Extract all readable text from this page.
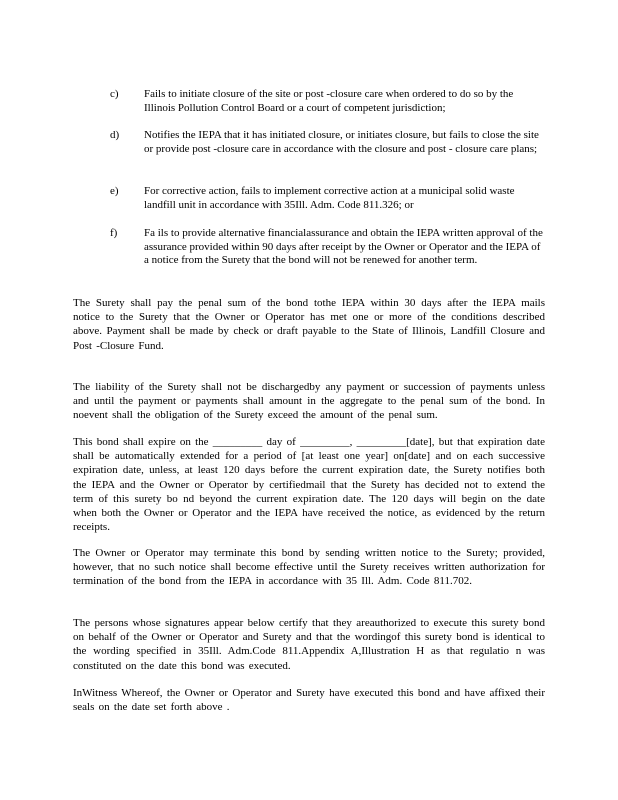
c) Fails to initiate closure of the site or post -closure care when ordered to do so by the Illinois Pollution Control Board or a court of competent jurisdiction;
d) Notifies the IEPA that it has initiated closure, or initiates closure, but fails to close the site or provide post -closure care in accordance with the closure and post - closure care plans;
e) For corrective action, fails to implement corrective action at a municipal solid waste landfill unit in accordance with 35Ill. Adm. Code 811.326; or
f) Fa ils to provide alternative financialassurance and obtain the IEPA written approval of the assurance provided within 90 days after receipt by the Owner or Operator and the IEPA of a notice from the Surety that the bond will not be renewed for another term.
The Surety shall pay the penal sum of the bond tothe IEPA within 30 days after the IEPA mails notice to the Surety that the Owner or Operator has met one or more of the conditions described above. Payment shall be made by check or draft payable to the State of Illinois, Landfill Closure and Post -Closure Fund.
The liability of the Surety shall not be dischargedby any payment or succession of payments unless and until the payment or payments shall amount in the aggregate to the penal sum of the bond. In noevent shall the obligation of the Surety exceed the amount of the penal sum.
This bond shall expire on the _________ day of _________, _________[date], but that expiration date shall be automatically extended for a period of [at least one year] on[date] and on each successive expiration date, unless, at least 120 days before the current expiration date, the Surety notifies both the IEPA and the Owner or Operator by certifiedmail that the Surety has decided not to extend the term of this surety bo nd beyond the current expiration date. The 120 days will begin on the date when both the Owner or Operator and the IEPA have received the notice, as evidenced by the return receipts.
The Owner or Operator may terminate this bond by sending written notice to the Surety; provided, however, that no such notice shall become effective until the Surety receives written authorization for termination of the bond from the IEPA in accordance with 35 Ill. Adm. Code 811.702.
The persons whose signatures appear below certify that they areauthorized to execute this surety bond on behalf of the Owner or Operator and Surety and that the wordingof this surety bond is identical to the wording specified in 35Ill. Adm.Code 811.Appendix A,Illustration H as that regulatio n was constituted on the date this bond was executed.
InWitness Whereof, the Owner or Operator and Surety have executed this bond and have affixed their seals on the date set forth above .
